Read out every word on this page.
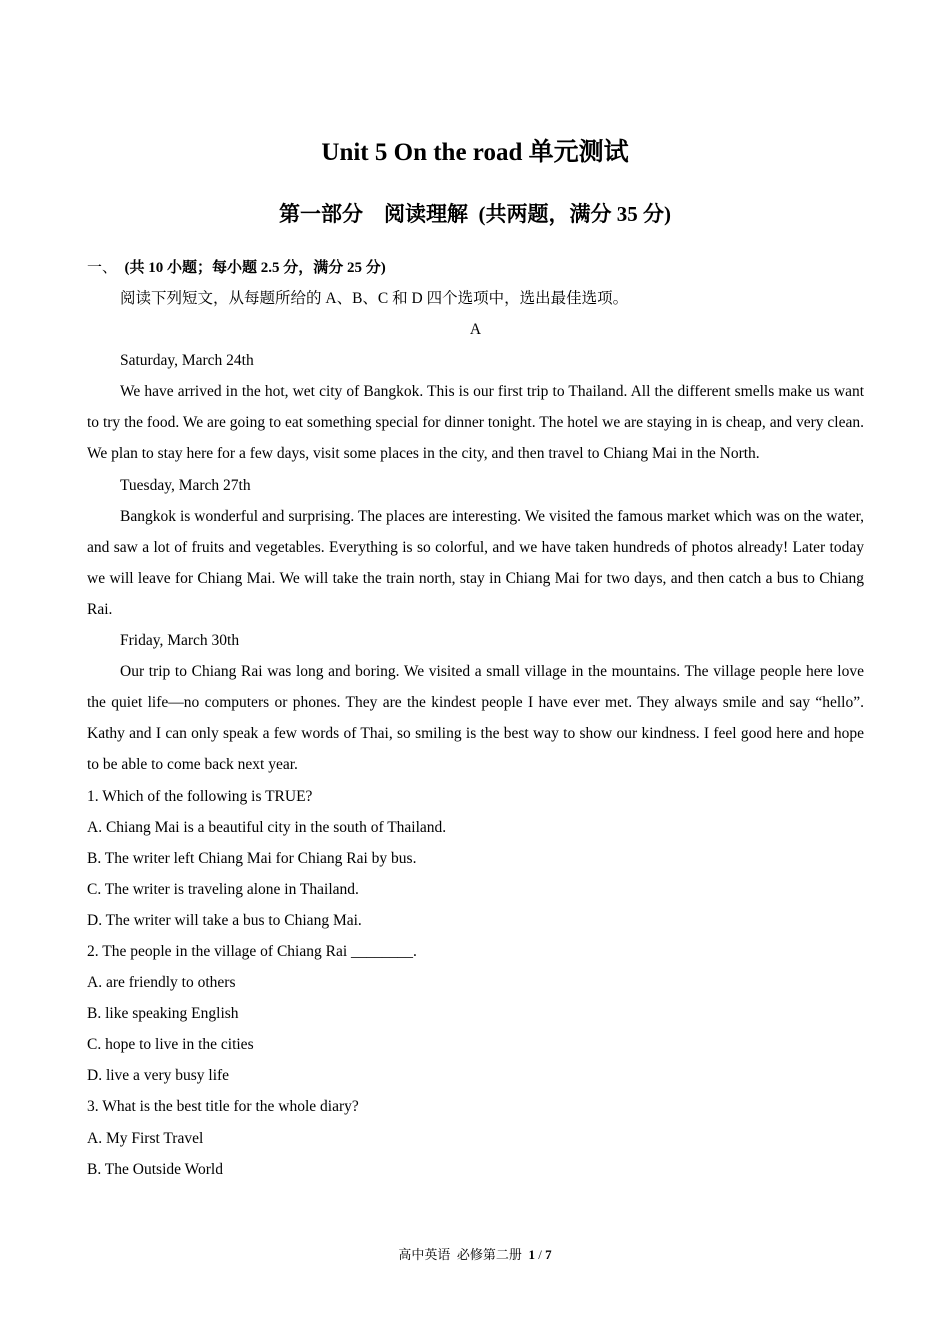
Unit 5 On the road 单元测试
第一部分    阅读理解  (共两题，满分 35 分)
一、 (共 10 小题；每小题 2.5 分，满分 25 分)

阅读下列短文，从每题所给的 A、B、C 和 D 四个选项中，选出最佳选项。

A

Saturday, March 24th

We have arrived in the hot, wet city of Bangkok. This is our first trip to Thailand. All the different smells make us want to try the food. We are going to eat something special for dinner tonight. The hotel we are staying in is cheap, and very clean. We plan to stay here for a few days, visit some places in the city, and then travel to Chiang Mai in the North.

Tuesday, March 27th

Bangkok is wonderful and surprising. The places are interesting. We visited the famous market which was on the water, and saw a lot of fruits and vegetables. Everything is so colorful, and we have taken hundreds of photos already! Later today we will leave for Chiang Mai. We will take the train north, stay in Chiang Mai for two days, and then catch a bus to Chiang Rai.

Friday, March 30th

Our trip to Chiang Rai was long and boring. We visited a small village in the mountains. The village people here love the quiet life—no computers or phones. They are the kindest people I have ever met. They always smile and say “hello”. Kathy and I can only speak a few words of Thai, so smiling is the best way to show our kindness. I feel good here and hope to be able to come back next year.

1. Which of the following is TRUE?

A. Chiang Mai is a beautiful city in the south of Thailand.

B. The writer left Chiang Mai for Chiang Rai by bus.

C. The writer is traveling alone in Thailand.

D. The writer will take a bus to Chiang Mai.

2. The people in the village of Chiang Rai ________.

A. are friendly to others

B. like speaking English

C. hope to live in the cities

D. live a very busy life

3. What is the best title for the whole diary?

A. My First Travel

B. The Outside World

高中英语  必修第二册 1 / 7
